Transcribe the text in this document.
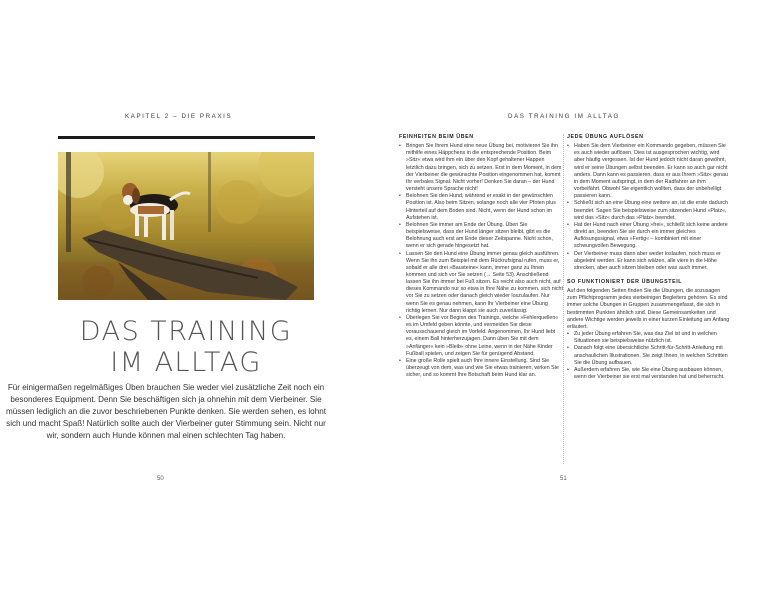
KAPITEL 2 – DIE PRAXIS
DAS TRAINING
IM ALLTAG
Für einigermaßen regelmäßiges Üben brauchen Sie weder viel zusätzliche Zeit noch ein besonderes Equipment. Denn Sie beschäftigen sich ja ohnehin mit dem Vierbeiner. Sie müssen lediglich an die zuvor beschriebenen Punkte denken. Sie werden sehen, es lohnt sich und macht Spaß! Natürlich sollte auch der Vierbeiner guter Stimmung sein. Nicht nur wir, sondern auch Hunde können mal einen schlechten Tag haben.
50
DAS TRAINING IM ALLTAG
FEINHEITEN BEIM ÜBEN
• Bringen Sie Ihrem Hund eine neue Übung bei, motivieren Sie ihn mithilfe eines Häppchens in die entsprechende Position. Beim »Sitz« etwa wird ihm ein über den Kopf gehaltener Happen letztlich dazu bringen, sich zu setzen. Erst in dem Moment, in dem der Vierbeiner die gewünschte Position eingenommen hat, kommt Ihr verbales Signal. Nicht vorher! Denken Sie daran – der Hund versteht unsere Sprache nicht!
• Belohnen Sie den Hund, während er exakt in der gewünschten Position ist. Also beim Sitzen, solange noch alle vier Pfoten plus Hinterteil auf dem Boden sind. Nicht, wenn der Hund schon im Aufstehen ist.
• Belohnen Sie immer am Ende der Übung. Üben Sie beispielsweise, dass der Hund länger sitzen bleibt, gibt es die Belohnung auch erst am Ende dieser Zeitspanne. Nicht schon, wenn er sich gerade hingesetzt hat.
• Lassen Sie den Hund eine Übung immer genau gleich ausführen. Wenn Sie ihn zum Beispiel mit dem Rückrufsignal rufen, muss er, sobald er alle drei »Bausteine« kann, immer ganz zu Ihnen kommen und sich vor Sie setzen (→ Seite 53). Anschließend lassen Sie ihn immer bei Fuß sitzen. Es reicht also auch nicht, auf dieses Kommando nur so etwa in Ihre Nähe zu kommen, sich nicht vor Sie zu setzen oder danach gleich wieder loszulaufen. Nur wenn Sie es genau nehmen, kann Ihr Vierbeiner eine Übung richtig lernen. Nur dann klappt sie auch zuverlässig.
• Überlegen Sie vor Beginn des Trainings, welche »Fehlerquellen« es im Umfeld geben könnte, und vermeiden Sie diese vorausschauend gleich im Vorfeld. Angenommen, Ihr Hund liebt es, einem Ball hinterherzujagen. Dann üben Sie mit dem »Anfänger« kein »Bleib« ohne Leine, wenn in der Nähe Kinder Fußball spielen, und zeigen Sie für genügend Abstand.
• Eine große Rolle spielt auch Ihre innere Einstellung. Sind Sie überzeugt von dem, was und wie Sie etwas trainieren, wirken Sie sicher, und so kommt Ihre Botschaft beim Hund klar an.
JEDE ÜBUNG AUFLÖSEN
• Haben Sie dem Vierbeiner ein Kommando gegeben, müssen Sie es auch wieder auflösen. Dies ist ausgesprochen wichtig, wird aber häufig vergessen. Ist der Hund jedoch nicht daran gewöhnt, wird er seine Übungen selbst beenden. Er kann so auch gar nicht anders. Dann kann es passieren, dass er aus Ihrem »Sitz« genau in dem Moment aufspringt, in dem der Radfahrer an ihm vorbeifährt. Obwohl Sie eigentlich wollten, dass der unbehelligt passieren kann.
• Schließt sich an eine Übung eine weitere an, ist die erste dadurch beendet. Sagen Sie beispielsweise zum sitzenden Hund »Platz«, wird das »Sitz« durch das »Platz« beendet.
• Hat der Hund nach einer Übung »frei«, schließt sich keine andere direkt an, beenden Sie sie durch ein immer gleiches Auflösungssignal, etwa »Fertig« – kombiniert mit einer schwungvollen Bewegung.
• Der Vierbeiner muss dann aber weder loslaufen, noch muss er abgeleint werden. Er kann sich wälzen, alle viere in die Höhe strecken, aber auch sitzen bleiben oder was auch immer.
SO FUNKTIONIERT DER ÜBUNGSTEIL

Auf den folgenden Seiten finden Sie die Übungen, die sozusagen zum Pflichtprogramm jedes vierbeinigen Begleiters gehören. Es sind immer solche Übungen in Gruppen zusammengefasst, die sich in bestimmten Punkten ähnlich sind. Diese Gemeinsamkeiten und andere Wichtige werden jeweils in einer kurzen Einleitung am Anfang erläutert.

• Zu jeder Übung erfahren Sie, was das Ziel ist und in welchen Situationen sie beispielsweise nützlich ist.
• Danach folgt eine übersichtliche Schritt-für-Schritt-Anleitung mit anschaulichen Illustrationen. Sie zeigt Ihnen, in welchen Schritten Sie die Übung aufbauen.
• Außerdem erfahren Sie, wie Sie eine Übung ausbauen können, wenn der Vierbeiner sie erst mal verstanden hat und beherrscht.
51
